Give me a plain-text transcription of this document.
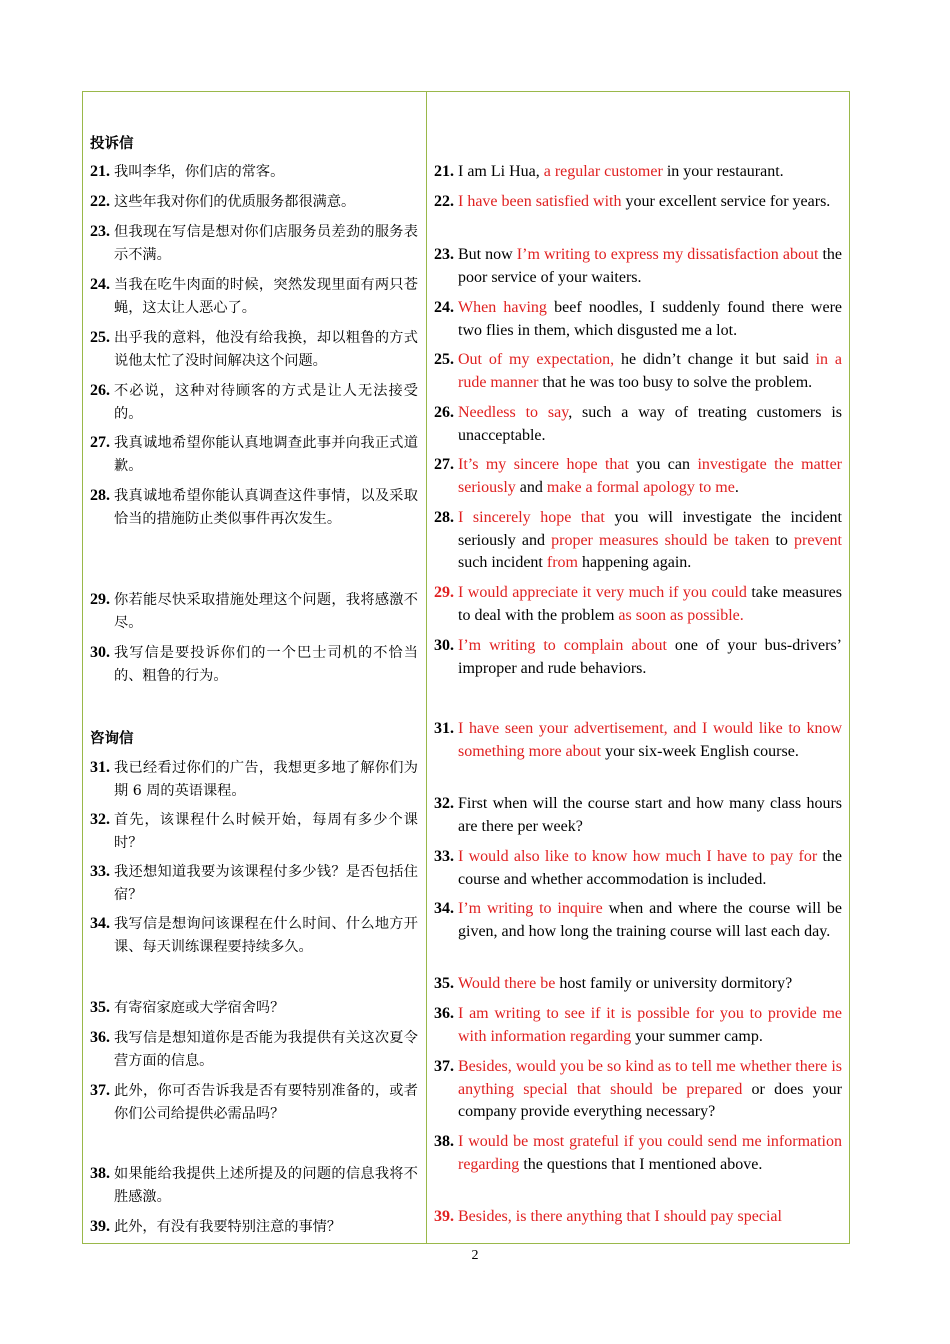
投诉信
咨询信
21. 我叫李华，你们店的常客。
22. 这些年我对你们的优质服务都很满意。
23. 但我现在写信是想对你们店服务员差劲的服务表示不满。
24. 当我在吃牛肉面的时候，突然发现里面有两只苍蝇，这太让人恶心了。
25. 出乎我的意料，他没有给我换，却以粗鲁的方式说他太忙了没时间解决这个问题。
26. 不必说，这种对待顾客的方式是让人无法接受的。
27. 我真诚地希望你能认真地调查此事并向我正式道歉。
28. 我真诚地希望你能认真调查这件事情，以及采取恰当的措施防止类似事件再次发生。
29. 你若能尽快采取措施处理这个问题，我将感激不尽。
30. 我写信是要投诉你们的一个巴士司机的不恰当的、粗鲁的行为。
31. 我已经看过你们的广告，我想更多地了解你们为期 6 周的英语课程。
32. 首先，该课程什么时候开始，每周有多少个课时？
33. 我还想知道我要为该课程付多少钱？是否包括住宿？
34. 我写信是想询问该课程在什么时间、什么地方开课、每天训练课程要持续多久。
35. 有寄宿家庭或大学宿舍吗？
36. 我写信是想知道你是否能为我提供有关这次夏令营方面的信息。
37. 此外，你可否告诉我是否有要特别准备的，或者你们公司给提供必需品吗？
38. 如果能给我提供上述所提及的问题的信息我将不胜感激。
39. 此外，有没有我要特别注意的事情？
21. I am Li Hua, a regular customer in your restaurant.
22. I have been satisfied with your excellent service for years.
23. But now I’m writing to express my dissatisfaction about the poor service of your waiters.
24. When having beef noodles, I suddenly found there were two flies in them, which disgusted me a lot.
25. Out of my expectation, he didn’t change it but said in a rude manner that he was too busy to solve the problem.
26. Needless to say, such a way of treating customers is unacceptable.
27. It’s my sincere hope that you can investigate the matter seriously and make a formal apology to me.
28. I sincerely hope that you will investigate the incident seriously and proper measures should be taken to prevent such incident from happening again.
29. I would appreciate it very much if you could take measures to deal with the problem as soon as possible.
30. I’m writing to complain about one of your bus-drivers’ improper and rude behaviors.
31. I have seen your advertisement, and I would like to know something more about your six-week English course.
32. First when will the course start and how many class hours are there per week?
33. I would also like to know how much I have to pay for the course and whether accommodation is included.
34. I’m writing to inquire when and where the course will be given, and how long the training course will last each day.
35. Would there be host family or university dormitory?
36. I am writing to see if it is possible for you to provide me with information regarding your summer camp.
37. Besides, would you be so kind as to tell me whether there is anything special that should be prepared or does your company provide everything necessary?
38. I would be most grateful if you could send me information regarding the questions that I mentioned above.
39. Besides, is there anything that I should pay special
2
